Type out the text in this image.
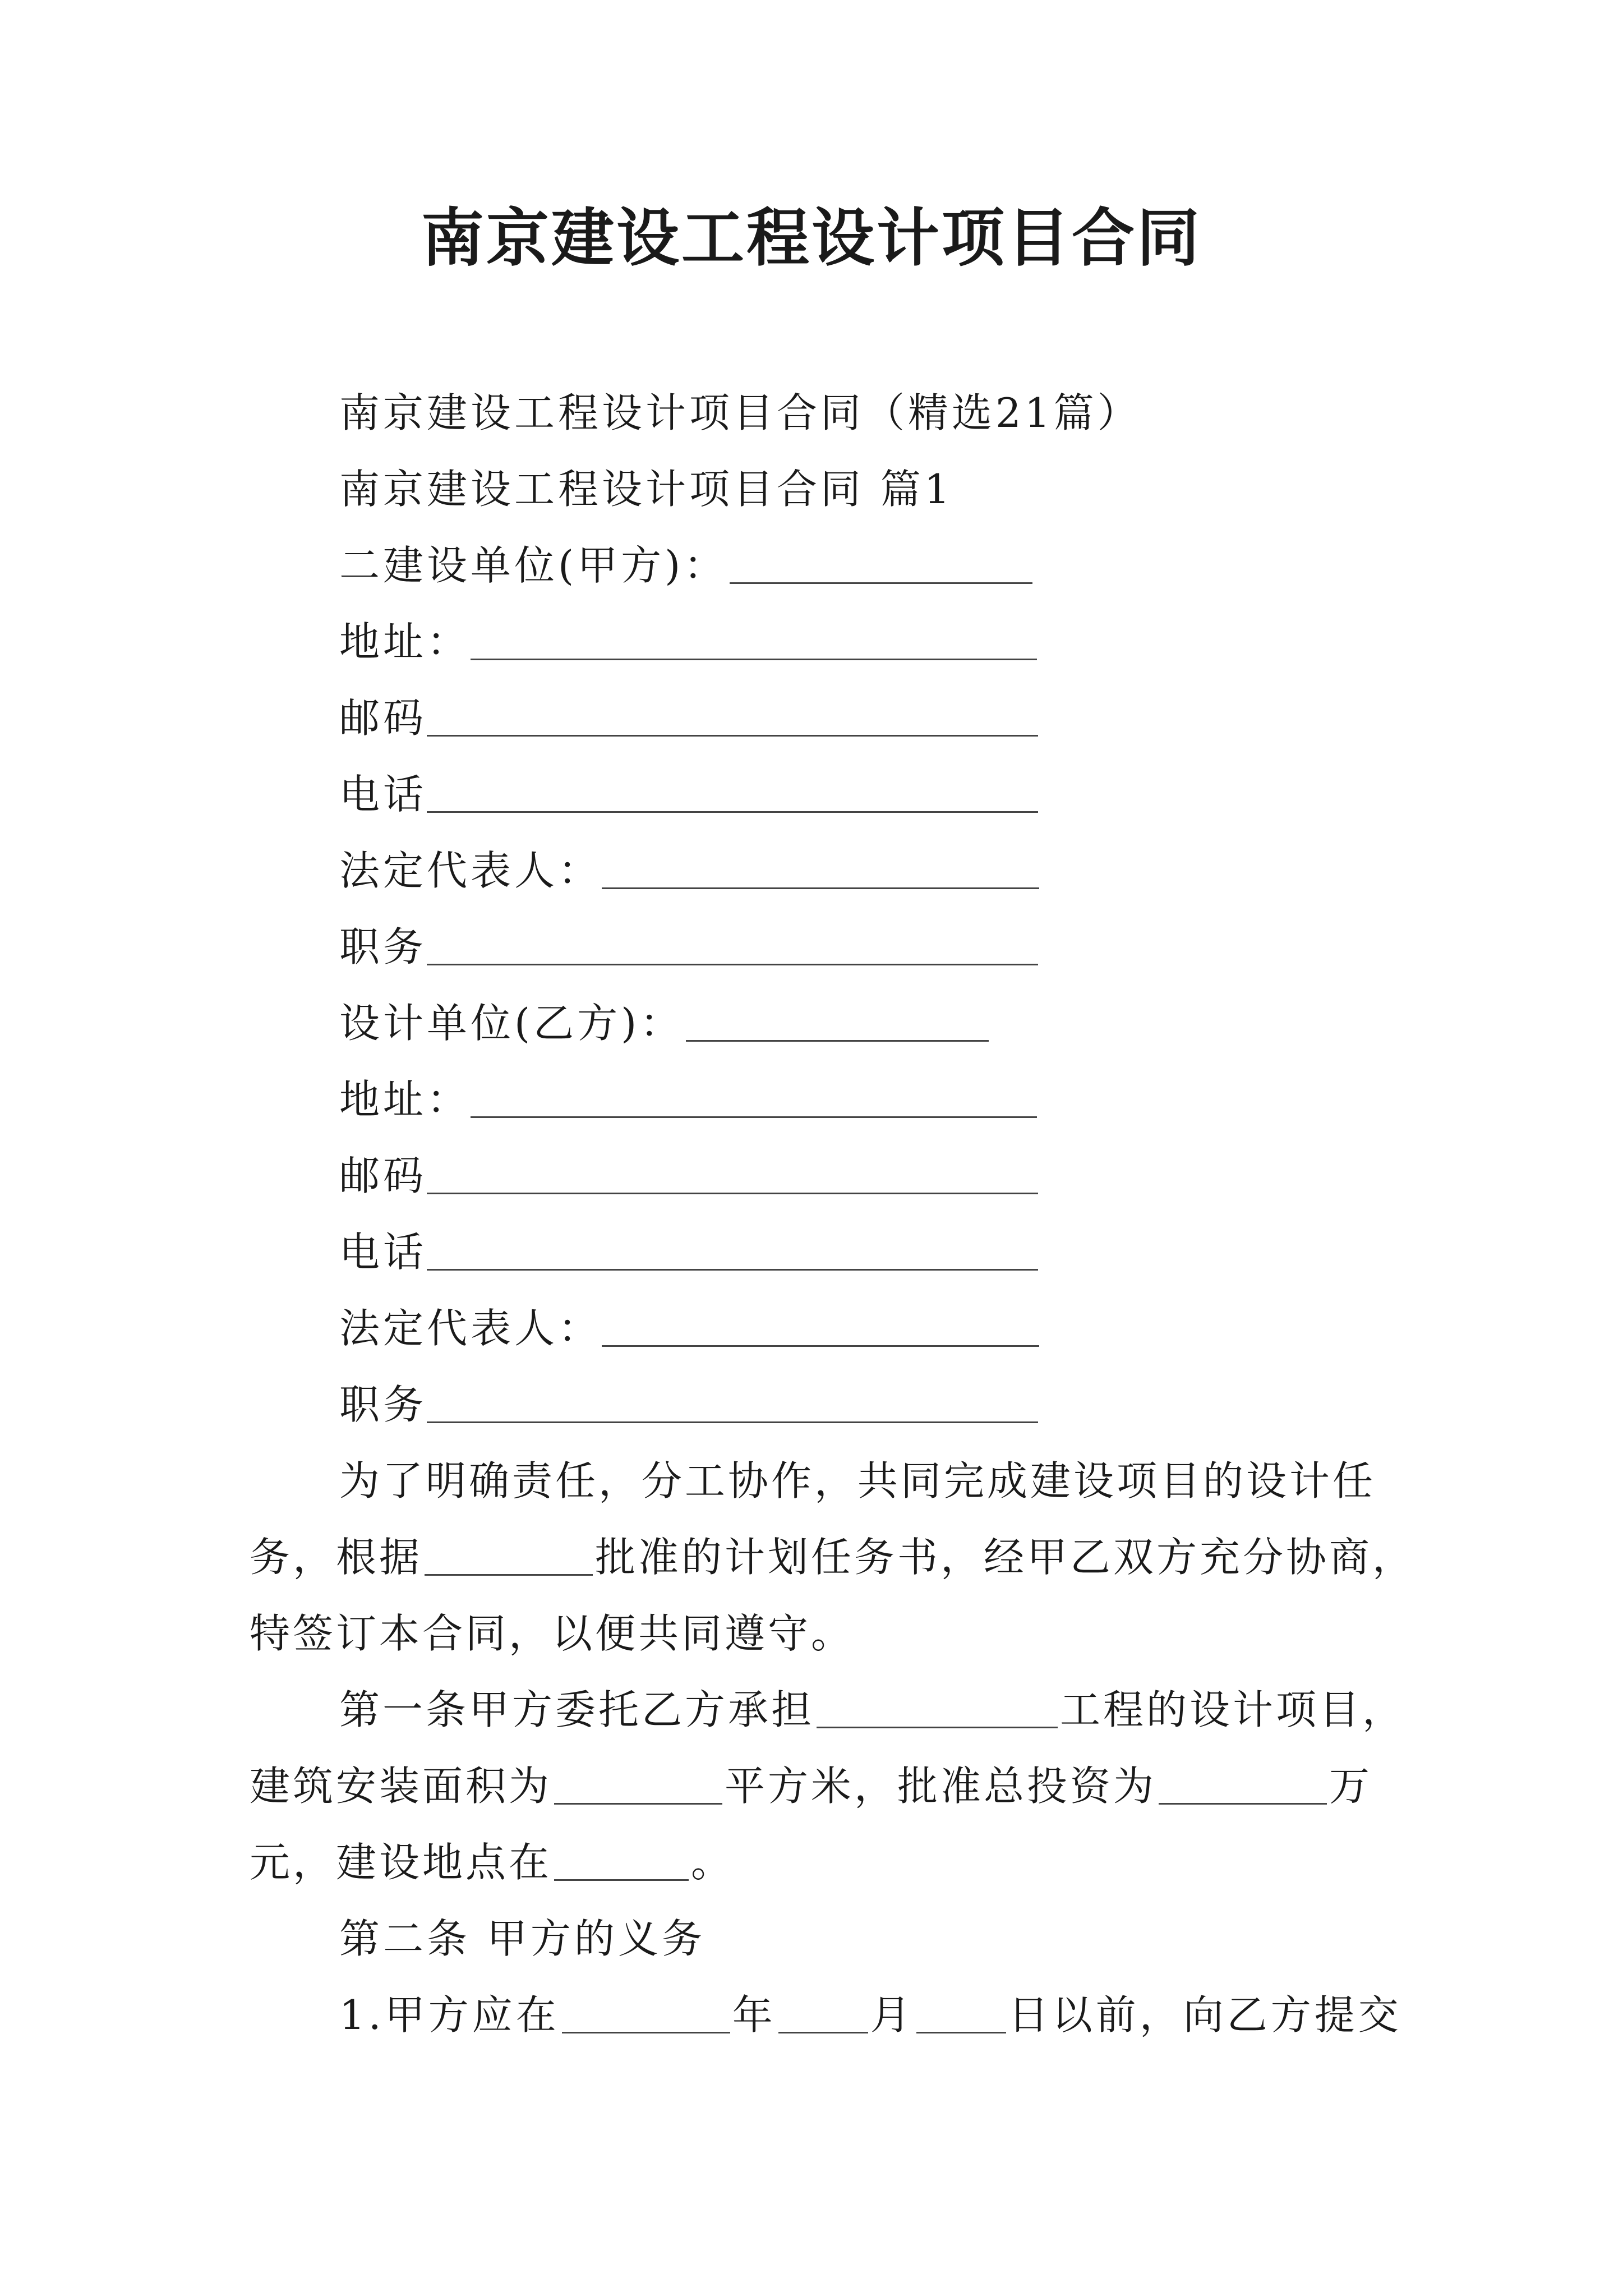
南京建设工程设计项目合同
南京建设工程设计项目合同（精选21篇）
南京建设工程设计项目合同 篇1
二建设单位(甲方)：
地址：
邮码
电话
法定代表人：
职务
设计单位(乙方)：
地址：
邮码
电话
法定代表人：
职务
为了明确责任，分工协作，共同完成建设项目的设计任
务，根据	批准的计划任务书，经甲乙双方充分协商，
特签订本合同，以便共同遵守。
第一条甲方委托乙方承担	工程的设计项目，
建筑安装面积为	平方米，批准总投资为	万
元，建设地点在	。
第二条 甲方的义务
1.甲方应在	年 月 日以前，向乙方提交
